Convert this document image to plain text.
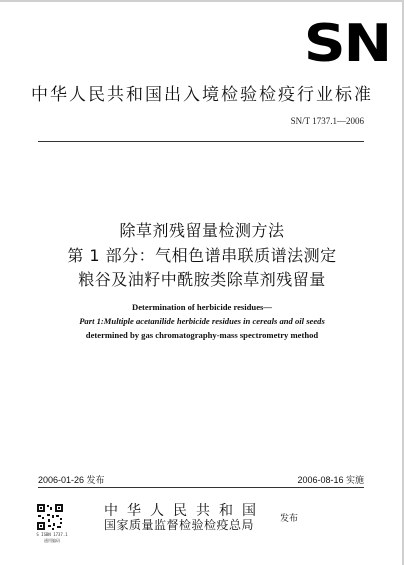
SN
中华人民共和国出入境检验检疫行业标准
SN/T 1737.1—2006
除草剂残留量检测方法
第 1 部分：气相色谱串联质谱法测定
粮谷及油籽中酰胺类除草剂残留量
Determination of herbicide residues—
Part 1:Multiple acetanilide herbicide residues in cereals and oil seeds
determined by gas chromatography-mass spectrometry method
2006-01-26 发布	2006-08-16 实施
S ISBN 1737.1
通用编码
中华人民共和国
国家质量监督检验检疫总局	发布
